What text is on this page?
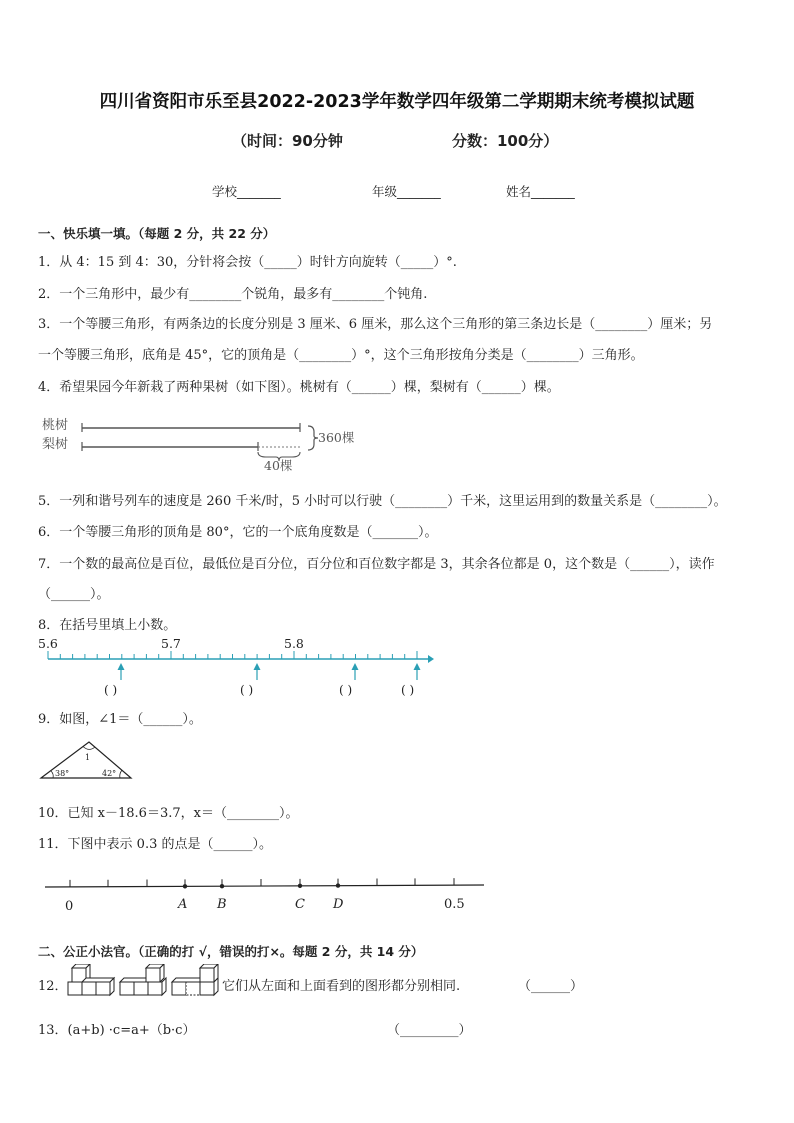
四川省资阳市乐至县2022-2023学年数学四年级第二学期期末统考模拟试题
（时间：90分钟	分数：100分）
学校_______	年级_______	姓名_______
一、快乐填一填。（每题 2 分，共 22 分）
1．从 4：15 到 4：30，分针将会按（_____）时针方向旋转（_____）°.
2．一个三角形中，最少有________个锐角，最多有________个钝角.
3．一个等腰三角形，有两条边的长度分别是 3 厘米、6 厘米，那么这个三角形的第三条边长是（________）厘米；另
一个等腰三角形，底角是 45°，它的顶角是（________）°，这个三角形按角分类是（________）三角形。
4．希望果园今年新栽了两种果树（如下图）。桃树有（______）棵，梨树有（______）棵。
桃树
梨树	360棵
40棵
5．一列和谐号列车的速度是 260 千米/时，5 小时可以行驶（________）千米，这里运用到的数量关系是（________）。
6．一个等腰三角形的顶角是 80°，它的一个底角度数是（_______）。
7．一个数的最高位是百位，最低位是百分位，百分位和百位数字都是 3，其余各位都是 0，这个数是（______），读作
（______）。
8．在括号里填上小数。
5.6	5.7	5.8
( )	( )	( )	( )
9．如图，∠1＝（______）。
1
38°	42°
10．已知 x－18.6＝3.7，x＝（________）。
11．下图中表示 0.3 的点是（______）。
0	A B	C D	0.5
二、公正小法官。（正确的打 √，错误的打×。每题 2 分，共 14 分）
12．	它们从左面和上面看到的图形都分别相同.	（______）
13．(a+b) ·c=a+（b·c）	（_________）
